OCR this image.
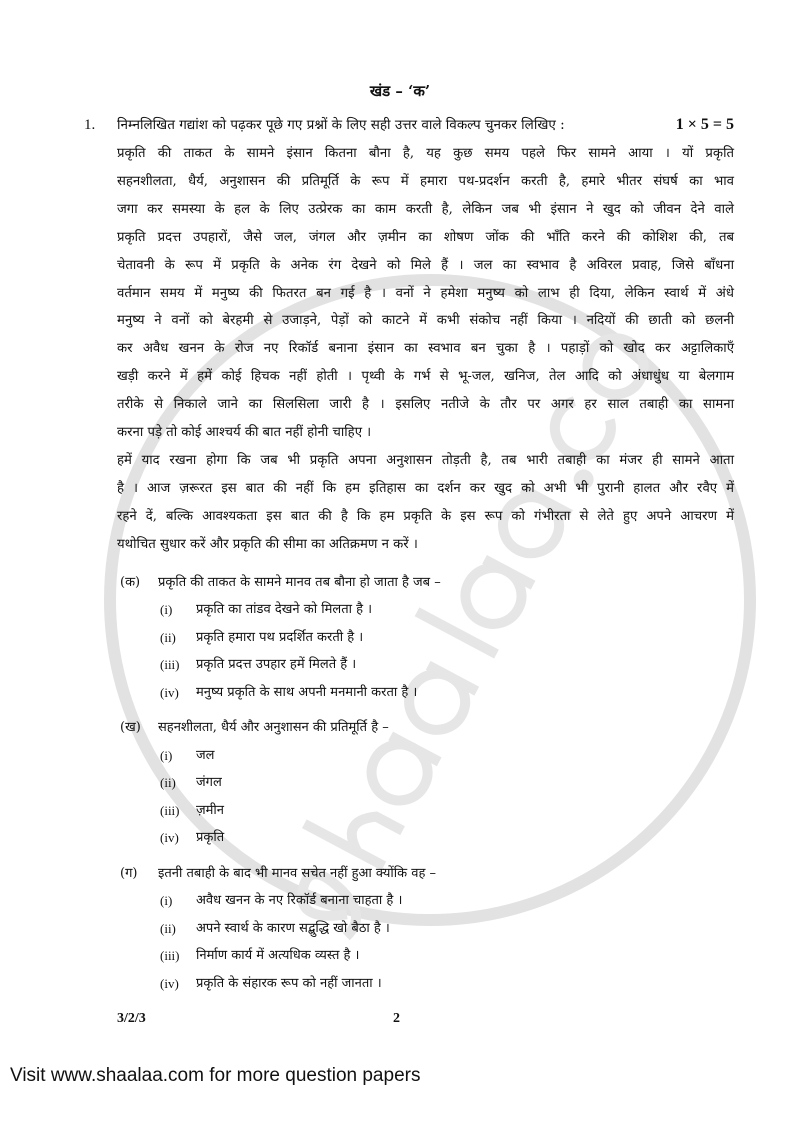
खंड – ‘क’
1.	निम्नलिखित गद्यांश को पढ़कर पूछे गए प्रश्नों के लिए सही उत्तर वाले विकल्प चुनकर लिखिए :	1 × 5 = 5
प्रकृति की ताकत के सामने इंसान कितना बौना है, यह कुछ समय पहले फिर सामने आया । यों प्रकृति
सहनशीलता, धैर्य, अनुशासन की प्रतिमूर्ति के रूप में हमारा पथ-प्रदर्शन करती है, हमारे भीतर संघर्ष का भाव
जगा कर समस्या के हल के लिए उत्प्रेरक का काम करती है, लेकिन जब भी इंसान ने खुद को जीवन देने वाले
प्रकृति प्रदत्त उपहारों, जैसे जल, जंगल और ज़मीन का शोषण जोंक की भाँति करने की कोशिश की, तब
चेतावनी के रूप में प्रकृति के अनेक रंग देखने को मिले हैं । जल का स्वभाव है अविरल प्रवाह, जिसे बाँधना
वर्तमान समय में मनुष्य की फितरत बन गई है । वनों ने हमेशा मनुष्य को लाभ ही दिया, लेकिन स्वार्थ में अंधे
मनुष्य ने वनों को बेरहमी से उजाड़ने, पेड़ों को काटने में कभी संकोच नहीं किया । नदियों की छाती को छलनी
कर अवैध खनन के रोज नए रिकॉर्ड बनाना इंसान का स्वभाव बन चुका है । पहाड़ों को खोद कर अट्टालिकाएँ
खड़ी करने में हमें कोई हिचक नहीं होती । पृथ्वी के गर्भ से भू-जल, खनिज, तेल आदि को अंधाधुंध या बेलगाम
तरीके से निकाले जाने का सिलसिला जारी है । इसलिए नतीजे के तौर पर अगर हर साल तबाही का सामना
करना पड़े तो कोई आश्चर्य की बात नहीं होनी चाहिए ।
हमें याद रखना होगा कि जब भी प्रकृति अपना अनुशासन तोड़ती है, तब भारी तबाही का मंजर ही सामने आता
है । आज ज़रूरत इस बात की नहीं कि हम इतिहास का दर्शन कर खुद को अभी भी पुरानी हालत और रवैए में
रहने दें, बल्कि आवश्यकता इस बात की है कि हम प्रकृति के इस रूप को गंभीरता से लेते हुए अपने आचरण में
यथोचित सुधार करें और प्रकृति की सीमा का अतिक्रमण न करें ।
(क)	प्रकृति की ताकत के सामने मानव तब बौना हो जाता है जब –
(i)	प्रकृति का तांडव देखने को मिलता है ।
(ii)	प्रकृति हमारा पथ प्रदर्शित करती है ।
(iii)	प्रकृति प्रदत्त उपहार हमें मिलते हैं ।
(iv)	मनुष्य प्रकृति के साथ अपनी मनमानी करता है ।
(ख)	सहनशीलता, धैर्य और अनुशासन की प्रतिमूर्ति है –
(i)	जल
(ii)	जंगल
(iii)	ज़मीन
(iv)	प्रकृति
(ग)	इतनी तबाही के बाद भी मानव सचेत नहीं हुआ क्योंकि वह –
(i)	अवैध खनन के नए रिकॉर्ड बनाना चाहता है ।
(ii)	अपने स्वार्थ के कारण सद्बुद्धि खो बैठा है ।
(iii)	निर्माण कार्य में अत्यधिक व्यस्त है ।
(iv)	प्रकृति के संहारक रूप को नहीं जानता ।
3/2/3	2
Visit www.shaalaa.com for more question papers
